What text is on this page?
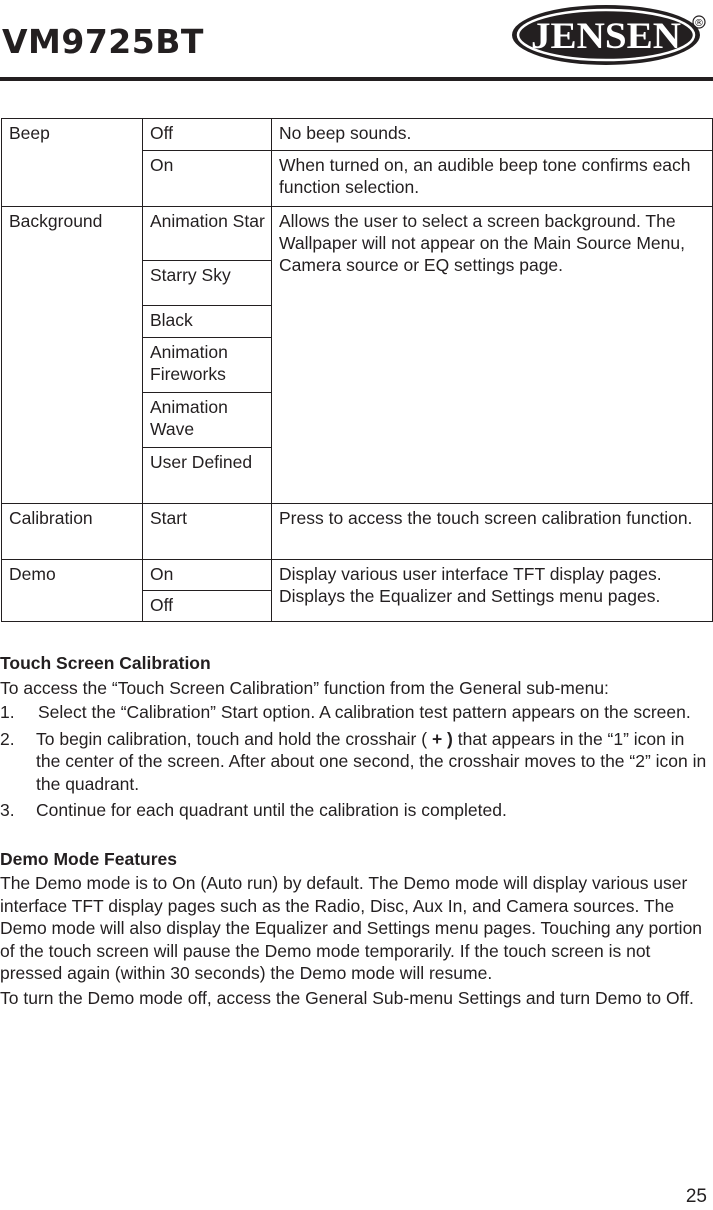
VM9725BT	JENSEN ®
Beep	Off	No beep sounds.
	On	When turned on, an audible beep tone confirms each function selection.
Background	Animation Star	Allows the user to select a screen background. The Wallpaper will not appear on the Main Source Menu, Camera source or EQ settings page.
	Starry Sky	
	Black	
	Animation Fireworks	
	Animation Wave	
	User Defined	
Calibration	Start	Press to access the touch screen calibration function.
Demo	On	Display various user interface TFT display pages. Displays the Equalizer and Settings menu pages.
	Off	
Touch Screen Calibration

To access the “Touch Screen Calibration” function from the General sub-menu:

1. Select the “Calibration” Start option. A calibration test pattern appears on the screen.
2. To begin calibration, touch and hold the crosshair ( + ) that appears in the “1” icon in the center of the screen. After about one second, the crosshair moves to the “2” icon in the quadrant.
3. Continue for each quadrant until the calibration is completed.
Demo Mode Features

The Demo mode is to On (Auto run) by default. The Demo mode will display various user interface TFT display pages such as the Radio, Disc, Aux In, and Camera sources. The Demo mode will also display the Equalizer and Settings menu pages. Touching any portion of the touch screen will pause the Demo mode temporarily. If the touch screen is not pressed again (within 30 seconds) the Demo mode will resume.

To turn the Demo mode off, access the General Sub-menu Settings and turn Demo to Off.

25
